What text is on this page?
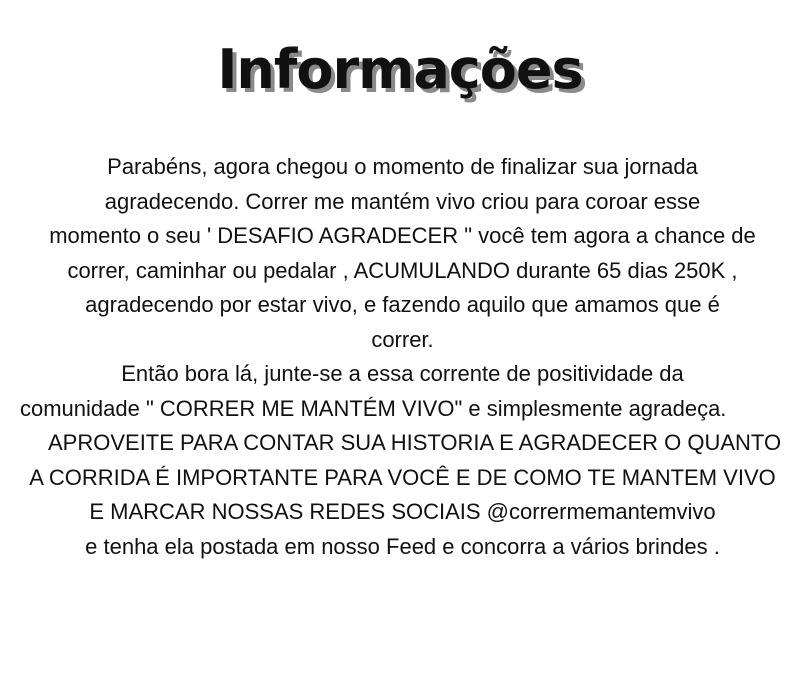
Informações
Parabéns, agora chegou o momento de finalizar sua jornada
agradecendo. Correr me mantém vivo criou para coroar esse
momento o seu ' DESAFIO AGRADECER " você tem agora a chance de
correr, caminhar ou pedalar , ACUMULANDO durante 65 dias 250K ,
agradecendo por estar vivo, e fazendo aquilo que amamos que é
correr.
Então bora lá, junte-se a essa corrente de positividade da
comunidade " CORRER ME MANTÉM VIVO" e simplesmente agradeça.
APROVEITE PARA CONTAR SUA HISTORIA E AGRADECER O QUANTO
A CORRIDA É IMPORTANTE PARA VOCÊ E DE COMO TE MANTEM VIVO
E MARCAR NOSSAS REDES SOCIAIS @corrermemantemvivo
e tenha ela postada em nosso Feed e concorra a vários brindes .
